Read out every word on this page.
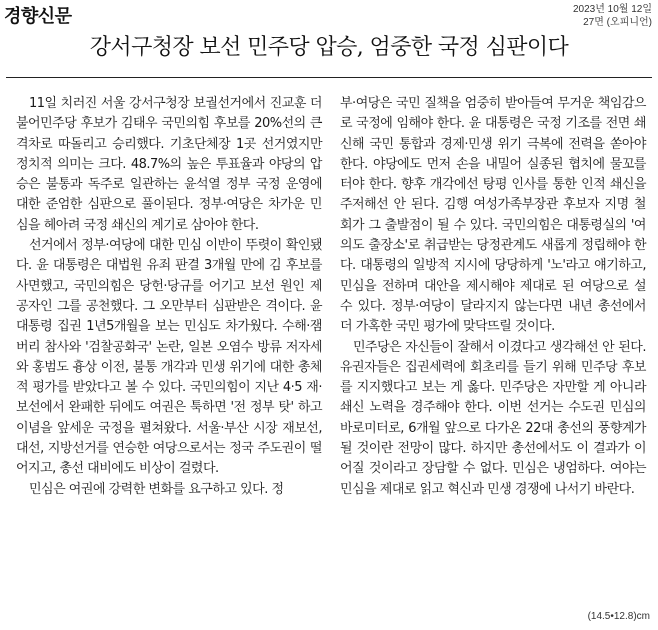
경향신문	2023년 10월 12일
27면 (오피니언)
강서구청장 보선 민주당 압승, 엄중한 국정 심판이다

11일 치러진 서울 강서구청장 보궐선거에서 진교훈 더불어민주당 후보가 김태우 국민의힘 후보를 20%선의 큰 격차로 따돌리고 승리했다. 기초단체장 1곳 선거였지만 정치적 의미는 크다. 48.7%의 높은 투표율과 야당의 압승은 불통과 독주로 일관하는 윤석열 정부 국정 운영에 대한 준엄한 심판으로 풀이된다. 정부·여당은 차가운 민심을 헤아려 국정 쇄신의 계기로 삼아야 한다.

선거에서 정부·여당에 대한 민심 이반이 뚜렷이 확인됐다. 윤 대통령은 대법원 유죄 판결 3개월 만에 김 후보를 사면했고, 국민의힘은 당헌·당규를 어기고 보선 원인 제공자인 그를 공천했다. 그 오만부터 심판받은 격이다. 윤 대통령 집권 1년5개월을 보는 민심도 차가웠다. 수해·잼버리 참사와 '검찰공화국' 논란, 일본 오염수 방류 저자세와 홍범도 흉상 이전, 불통 개각과 민생 위기에 대한 총체적 평가를 받았다고 볼 수 있다. 국민의힘이 지난 4·5 재·보선에서 완패한 뒤에도 여권은 툭하면 '전 정부 탓' 하고 이념을 앞세운 국정을 펼쳐왔다. 서울·부산 시장 재보선, 대선, 지방선거를 연승한 여당으로서는 정국 주도권이 떨어지고, 총선 대비에도 비상이 걸렸다.

민심은 여권에 강력한 변화를 요구하고 있다. 정

부·여당은 국민 질책을 엄중히 받아들여 무거운 책임감으로 국정에 임해야 한다. 윤 대통령은 국정 기조를 전면 쇄신해 국민 통합과 경제·민생 위기 극복에 전력을 쏟아야 한다. 야당에도 먼저 손을 내밀어 실종된 협치에 물꼬를 터야 한다. 향후 개각에선 탕평 인사를 통한 인적 쇄신을 주저해선 안 된다. 김행 여성가족부장관 후보자 지명 철회가 그 출발점이 될 수 있다. 국민의힘은 대통령실의 '여의도 출장소'로 취급받는 당정관계도 새롭게 정립해야 한다. 대통령의 일방적 지시에 당당하게 '노'라고 얘기하고, 민심을 전하며 대안을 제시해야 제대로 된 여당으로 설 수 있다. 정부·여당이 달라지지 않는다면 내년 총선에서 더 가혹한 국민 평가에 맞닥뜨릴 것이다.

민주당은 자신들이 잘해서 이겼다고 생각해선 안 된다. 유권자들은 집권세력에 회초리를 들기 위해 민주당 후보를 지지했다고 보는 게 옳다. 민주당은 자만할 게 아니라 쇄신 노력을 경주해야 한다. 이번 선거는 수도권 민심의 바로미터로, 6개월 앞으로 다가온 22대 총선의 풍향계가 될 것이란 전망이 많다. 하지만 총선에서도 이 결과가 이어질 것이라고 장담할 수 없다. 민심은 냉엄하다. 여야는 민심을 제대로 읽고 혁신과 민생 경쟁에 나서기 바란다.

(14.5•12.8)cm
